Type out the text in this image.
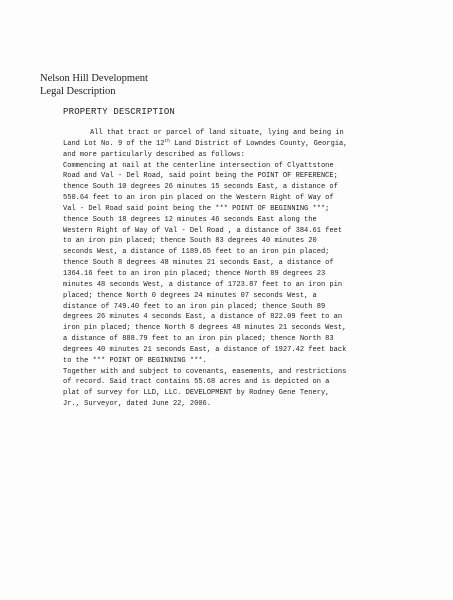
Nelson Hill Development
Legal Description
PROPERTY DESCRIPTION
All that tract or parcel of land situate, lying and being in
Land Lot No. 9 of the 12th Land District of Lowndes County, Georgia,
and more particularly described as follows:
Commencing at nail at the centerline intersection of Clyattstone
Road and Val - Del Road, said point being the POINT OF REFERENCE;
thence South 10 degrees 26 minutes 15 seconds East, a distance of
550.64 feet to an iron pin placed on the Western Right of Way of
Val - Del Road said point being the *** POINT OF BEGINNING ***;
thence South 18 degrees 12 minutes 46 seconds East along the
Western Right of Way of Val - Del Road , a distance of 384.61 feet
to an iron pin placed; thence South 83 degrees 40 minutes 20
seconds West, a distance of 1189.65 feet to an iron pin placed;
thence South 8 degrees 48 minutes 21 seconds East, a distance of
1364.16 feet to an iron pin placed; thence North 89 degrees 23
minutes 48 seconds West, a distance of 1723.87 feet to an iron pin
placed; thence North 0 degrees 24 minutes 07 seconds West, a
distance of 749.40 feet to an iron pin placed; thence South 89
degrees 26 minutes 4 seconds East, a distance of 822.09 feet to an
iron pin placed; thence North 8 degrees 48 minutes 21 seconds West,
a distance of 888.79 feet to an iron pin placed; thence North 83
degrees 40 minutes 21 seconds East, a distance of 1927.42 feet back
to the *** POINT OF BEGINNING ***.
Together with and subject to covenants, easements, and restrictions
of record. Said tract contains 55.68 acres and is depicted on a
plat of survey for LLD, LLC. DEVELOPMENT by Rodney Gene Tenery,
Jr., Surveyor, dated June 22, 2006.
